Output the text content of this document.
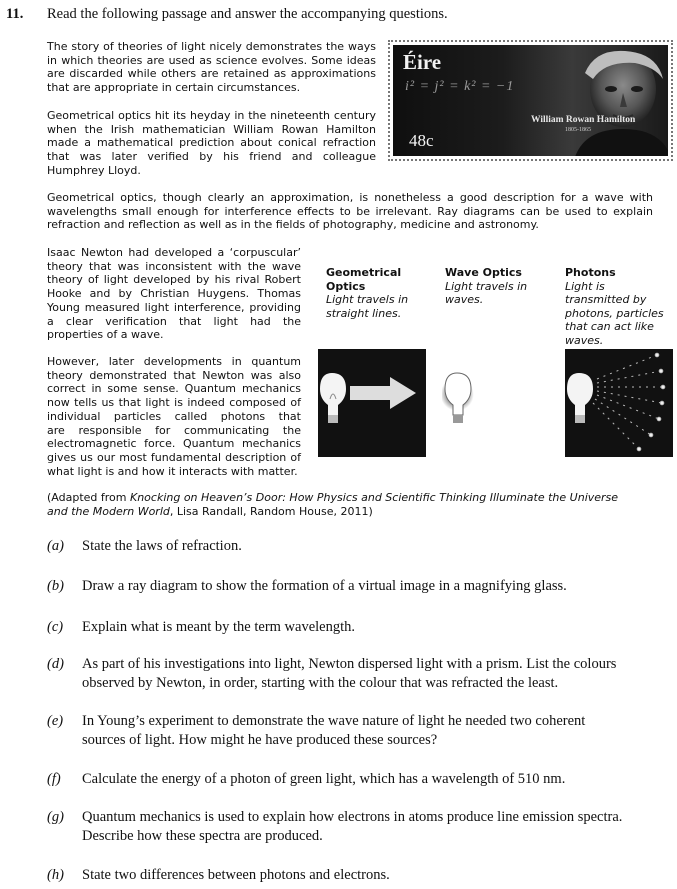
11. Read the following passage and answer the accompanying questions.
The story of theories of light nicely demonstrates the ways
in which theories are used as science evolves. Some ideas
are discarded while others are retained as approximations
that are appropriate in certain circumstances.
Geometrical optics hit its heyday in the nineteenth century
when the Irish mathematician William Rowan Hamilton
made a mathematical prediction about conical refraction
that was later verified by his friend and colleague
Humphrey Lloyd.
Éire
i² = j² = k² = −1
William Rowan Hamilton
1805-1865
48c
Geometrical optics, though clearly an approximation, is nonetheless a good description for a wave with
wavelengths small enough for interference effects to be irrelevant. Ray diagrams can be used to explain
refraction and reflection as well as in the fields of photography, medicine and astronomy.
Isaac Newton had developed a ‘corpuscular’
theory that was inconsistent with the wave
theory of light developed by his rival Robert
Hooke and by Christian Huygens. Thomas
Young measured light interference, providing
a clear verification that light had the
properties of a wave.
However, later developments in quantum
theory demonstrated that Newton was also
correct in some sense. Quantum mechanics
now tells us that light is indeed composed of
individual particles called photons that
are responsible for communicating the
electromagnetic force. Quantum mechanics
gives us our most fundamental description of
what light is and how it interacts with matter.
Geometrical
Optics
Light travels in
straight lines.
Wave Optics
Light travels in
waves.
Photons
Light is
transmitted by
photons, particles
that can act like
waves.
(Adapted from Knocking on Heaven’s Door: How Physics and Scientific Thinking Illuminate the Universe
and the Modern World, Lisa Randall, Random House, 2011)
(a)	State the laws of refraction.
(b)	Draw a ray diagram to show the formation of a virtual image in a magnifying glass.
(c)	Explain what is meant by the term wavelength.
(d)	As part of his investigations into light, Newton dispersed light with a prism. List the colours
observed by Newton, in order, starting with the colour that was refracted the least.
(e)	In Young’s experiment to demonstrate the wave nature of light he needed two coherent
sources of light. How might he have produced these sources?
(f)	Calculate the energy of a photon of green light, which has a wavelength of 510 nm.
(g)	Quantum mechanics is used to explain how electrons in atoms produce line emission spectra.
Describe how these spectra are produced.
(h)	State two differences between photons and electrons.
